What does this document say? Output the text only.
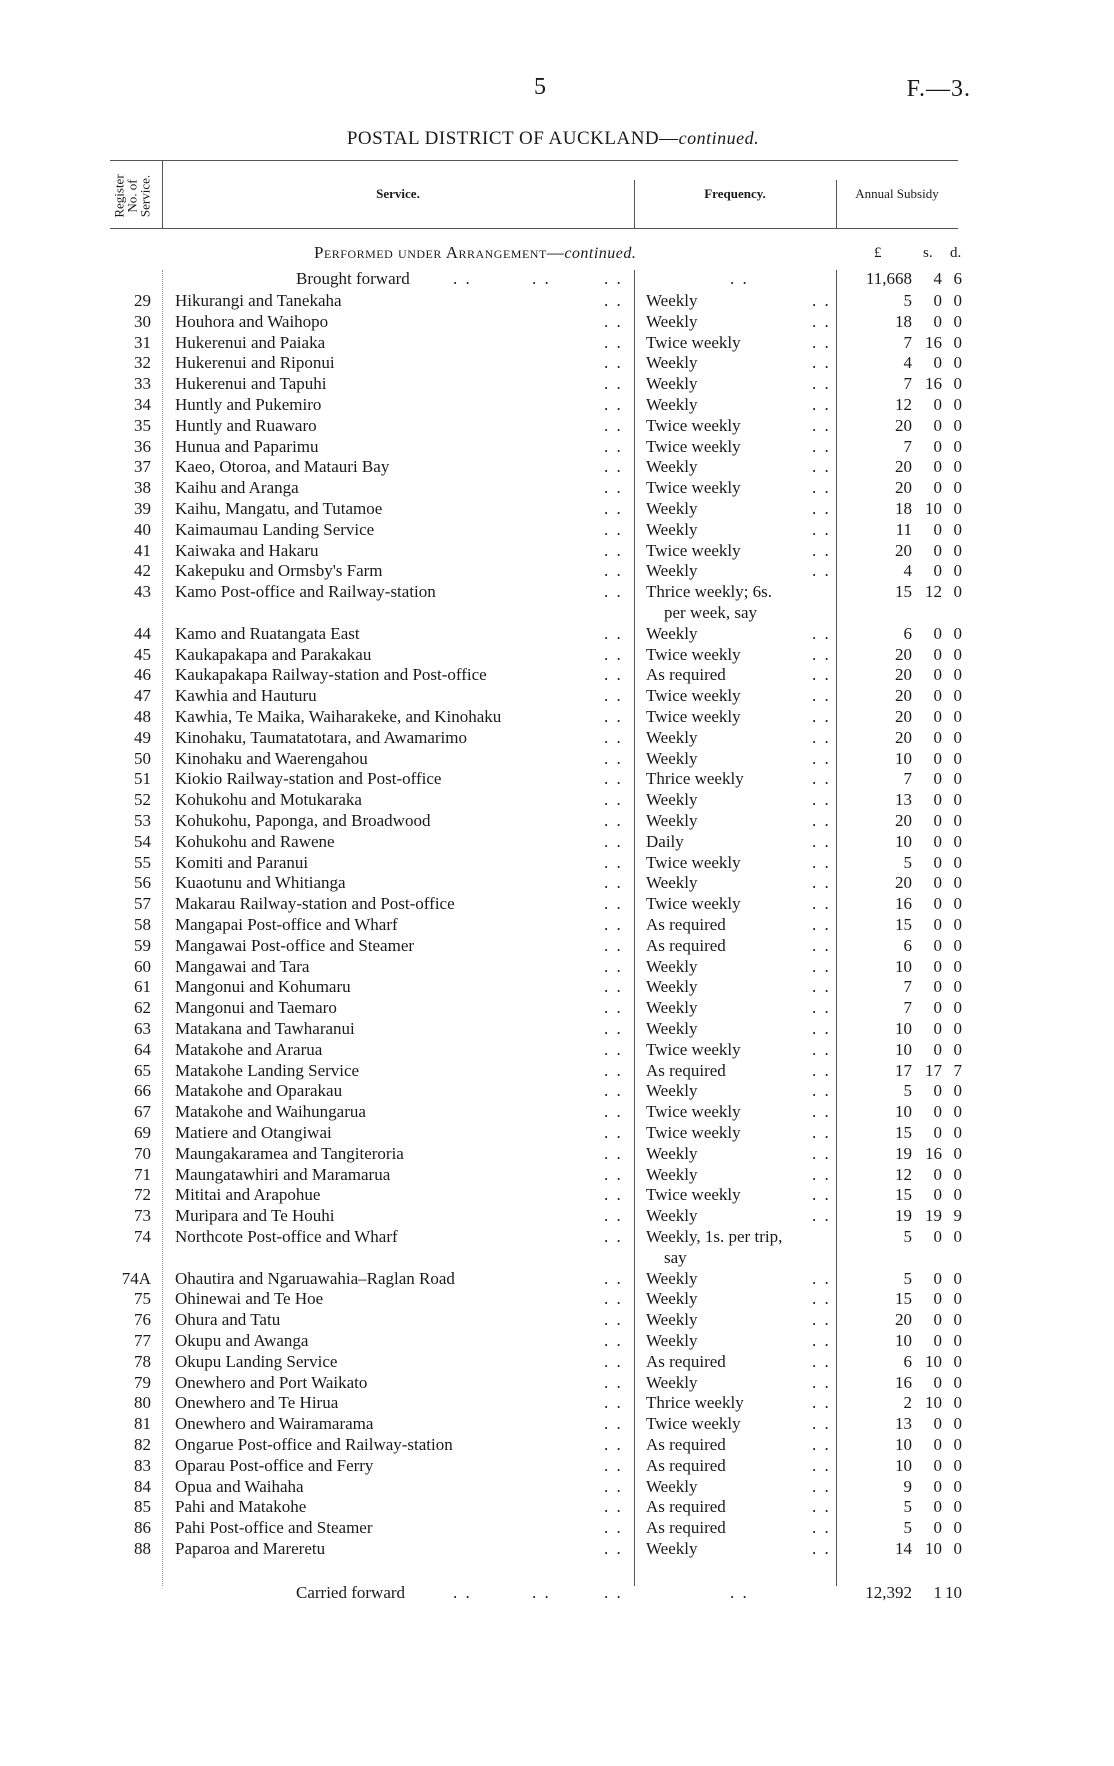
5	F.—3.
POSTAL DISTRICT OF AUCKLAND—continued.
Register
No. of
Service.	Service.	Frequency.	Annual Subsidy
Performed under Arrangement—continued.	£	s. d.
Brought forward	. .	. .	. .	. .	11,668 4 6
29 Hikurangi and Tanekaha	. . Weekly	. .	5 0 0
30 Houhora and Waihopo	. . Weekly	. .	18 0 0
31 Hukerenui and Paiaka	. . Twice weekly	. .	7 16 0
32 Hukerenui and Riponui	. . Weekly	. .	4 0 0
33 Hukerenui and Tapuhi	. . Weekly	. .	7 16 0
34 Huntly and Pukemiro	. . Weekly	. .	12 0 0
35 Huntly and Ruawaro	. . Twice weekly	. .	20 0 0
36 Hunua and Paparimu	. . Twice weekly	. .	7 0 0
37 Kaeo, Otoroa, and Matauri Bay	. . Weekly	. .	20 0 0
38 Kaihu and Aranga	. . Twice weekly	. .	20 0 0
39 Kaihu, Mangatu, and Tutamoe	. . Weekly	. .	18 10 0
40 Kaimaumau Landing Service	. . Weekly	. .	11 0 0
41 Kaiwaka and Hakaru	. . Twice weekly	. .	20 0 0
42 Kakepuku and Ormsby's Farm	. . Weekly	. .	4 0 0
43 Kamo Post-office and Railway-station	. . Thrice weekly; 6s.	15 12 0
per week, say
44 Kamo and Ruatangata East	. . Weekly	. .	6 0 0
45 Kaukapakapa and Parakakau	. . Twice weekly	. .	20 0 0
46 Kaukapakapa Railway-station and Post-office	. . As required	. .	20 0 0
47 Kawhia and Hauturu	. . Twice weekly	. .	20 0 0
48 Kawhia, Te Maika, Waiharakeke, and Kinohaku	. . Twice weekly	. .	20 0 0
49 Kinohaku, Taumatatotara, and Awamarimo	. . Weekly	. .	20 0 0
50 Kinohaku and Waerengahou	. . Weekly	. .	10 0 0
51 Kiokio Railway-station and Post-office	. . Thrice weekly	. .	7 0 0
52 Kohukohu and Motukaraka	. . Weekly	. .	13 0 0
53 Kohukohu, Paponga, and Broadwood	. . Weekly	. .	20 0 0
54 Kohukohu and Rawene	. . Daily	. .	10 0 0
55 Komiti and Paranui	. . Twice weekly	. .	5 0 0
56 Kuaotunu and Whitianga	. . Weekly	. .	20 0 0
57 Makarau Railway-station and Post-office	. . Twice weekly	. .	16 0 0
58 Mangapai Post-office and Wharf	. . As required	. .	15 0 0
59 Mangawai Post-office and Steamer	. . As required	. .	6 0 0
60 Mangawai and Tara	. . Weekly	. .	10 0 0
61 Mangonui and Kohumaru	. . Weekly	. .	7 0 0
62 Mangonui and Taemaro	. . Weekly	. .	7 0 0
63 Matakana and Tawharanui	. . Weekly	. .	10 0 0
64 Matakohe and Ararua	. . Twice weekly	. .	10 0 0
65 Matakohe Landing Service	. . As required	. .	17 17 7
66 Matakohe and Oparakau	. . Weekly	. .	5 0 0
67 Matakohe and Waihungarua	. . Twice weekly	. .	10 0 0
69 Matiere and Otangiwai	. . Twice weekly	. .	15 0 0
70 Maungakaramea and Tangiteroria	. . Weekly	. .	19 16 0
71 Maungatawhiri and Maramarua	. . Weekly	. .	12 0 0
72 Mititai and Arapohue	. . Twice weekly	. .	15 0 0
73 Muripara and Te Houhi	. . Weekly	. .	19 19 9
74 Northcote Post-office and Wharf	. . Weekly, 1s. per trip,	5 0 0
say
74A Ohautira and Ngaruawahia–Raglan Road	. . Weekly	. .	5 0 0
75 Ohinewai and Te Hoe	. . Weekly	. .	15 0 0
76 Ohura and Tatu	. . Weekly	. .	20 0 0
77 Okupu and Awanga	. . Weekly	. .	10 0 0
78 Okupu Landing Service	. . As required	. .	6 10 0
79 Onewhero and Port Waikato	. . Weekly	. .	16 0 0
80 Onewhero and Te Hirua	. . Thrice weekly	. .	2 10 0
81 Onewhero and Wairamarama	. . Twice weekly	. .	13 0 0
82 Ongarue Post-office and Railway-station	. . As required	. .	10 0 0
83 Oparau Post-office and Ferry	. . As required	. .	10 0 0
84 Opua and Waihaha	. . Weekly	. .	9 0 0
85 Pahi and Matakohe	. . As required	. .	5 0 0
86 Pahi Post-office and Steamer	. . As required	. .	5 0 0
88 Paparoa and Mareretu	. . Weekly	. .	14 10 0
Carried forward	. .	. .	. .	. .	12,392 1 10
